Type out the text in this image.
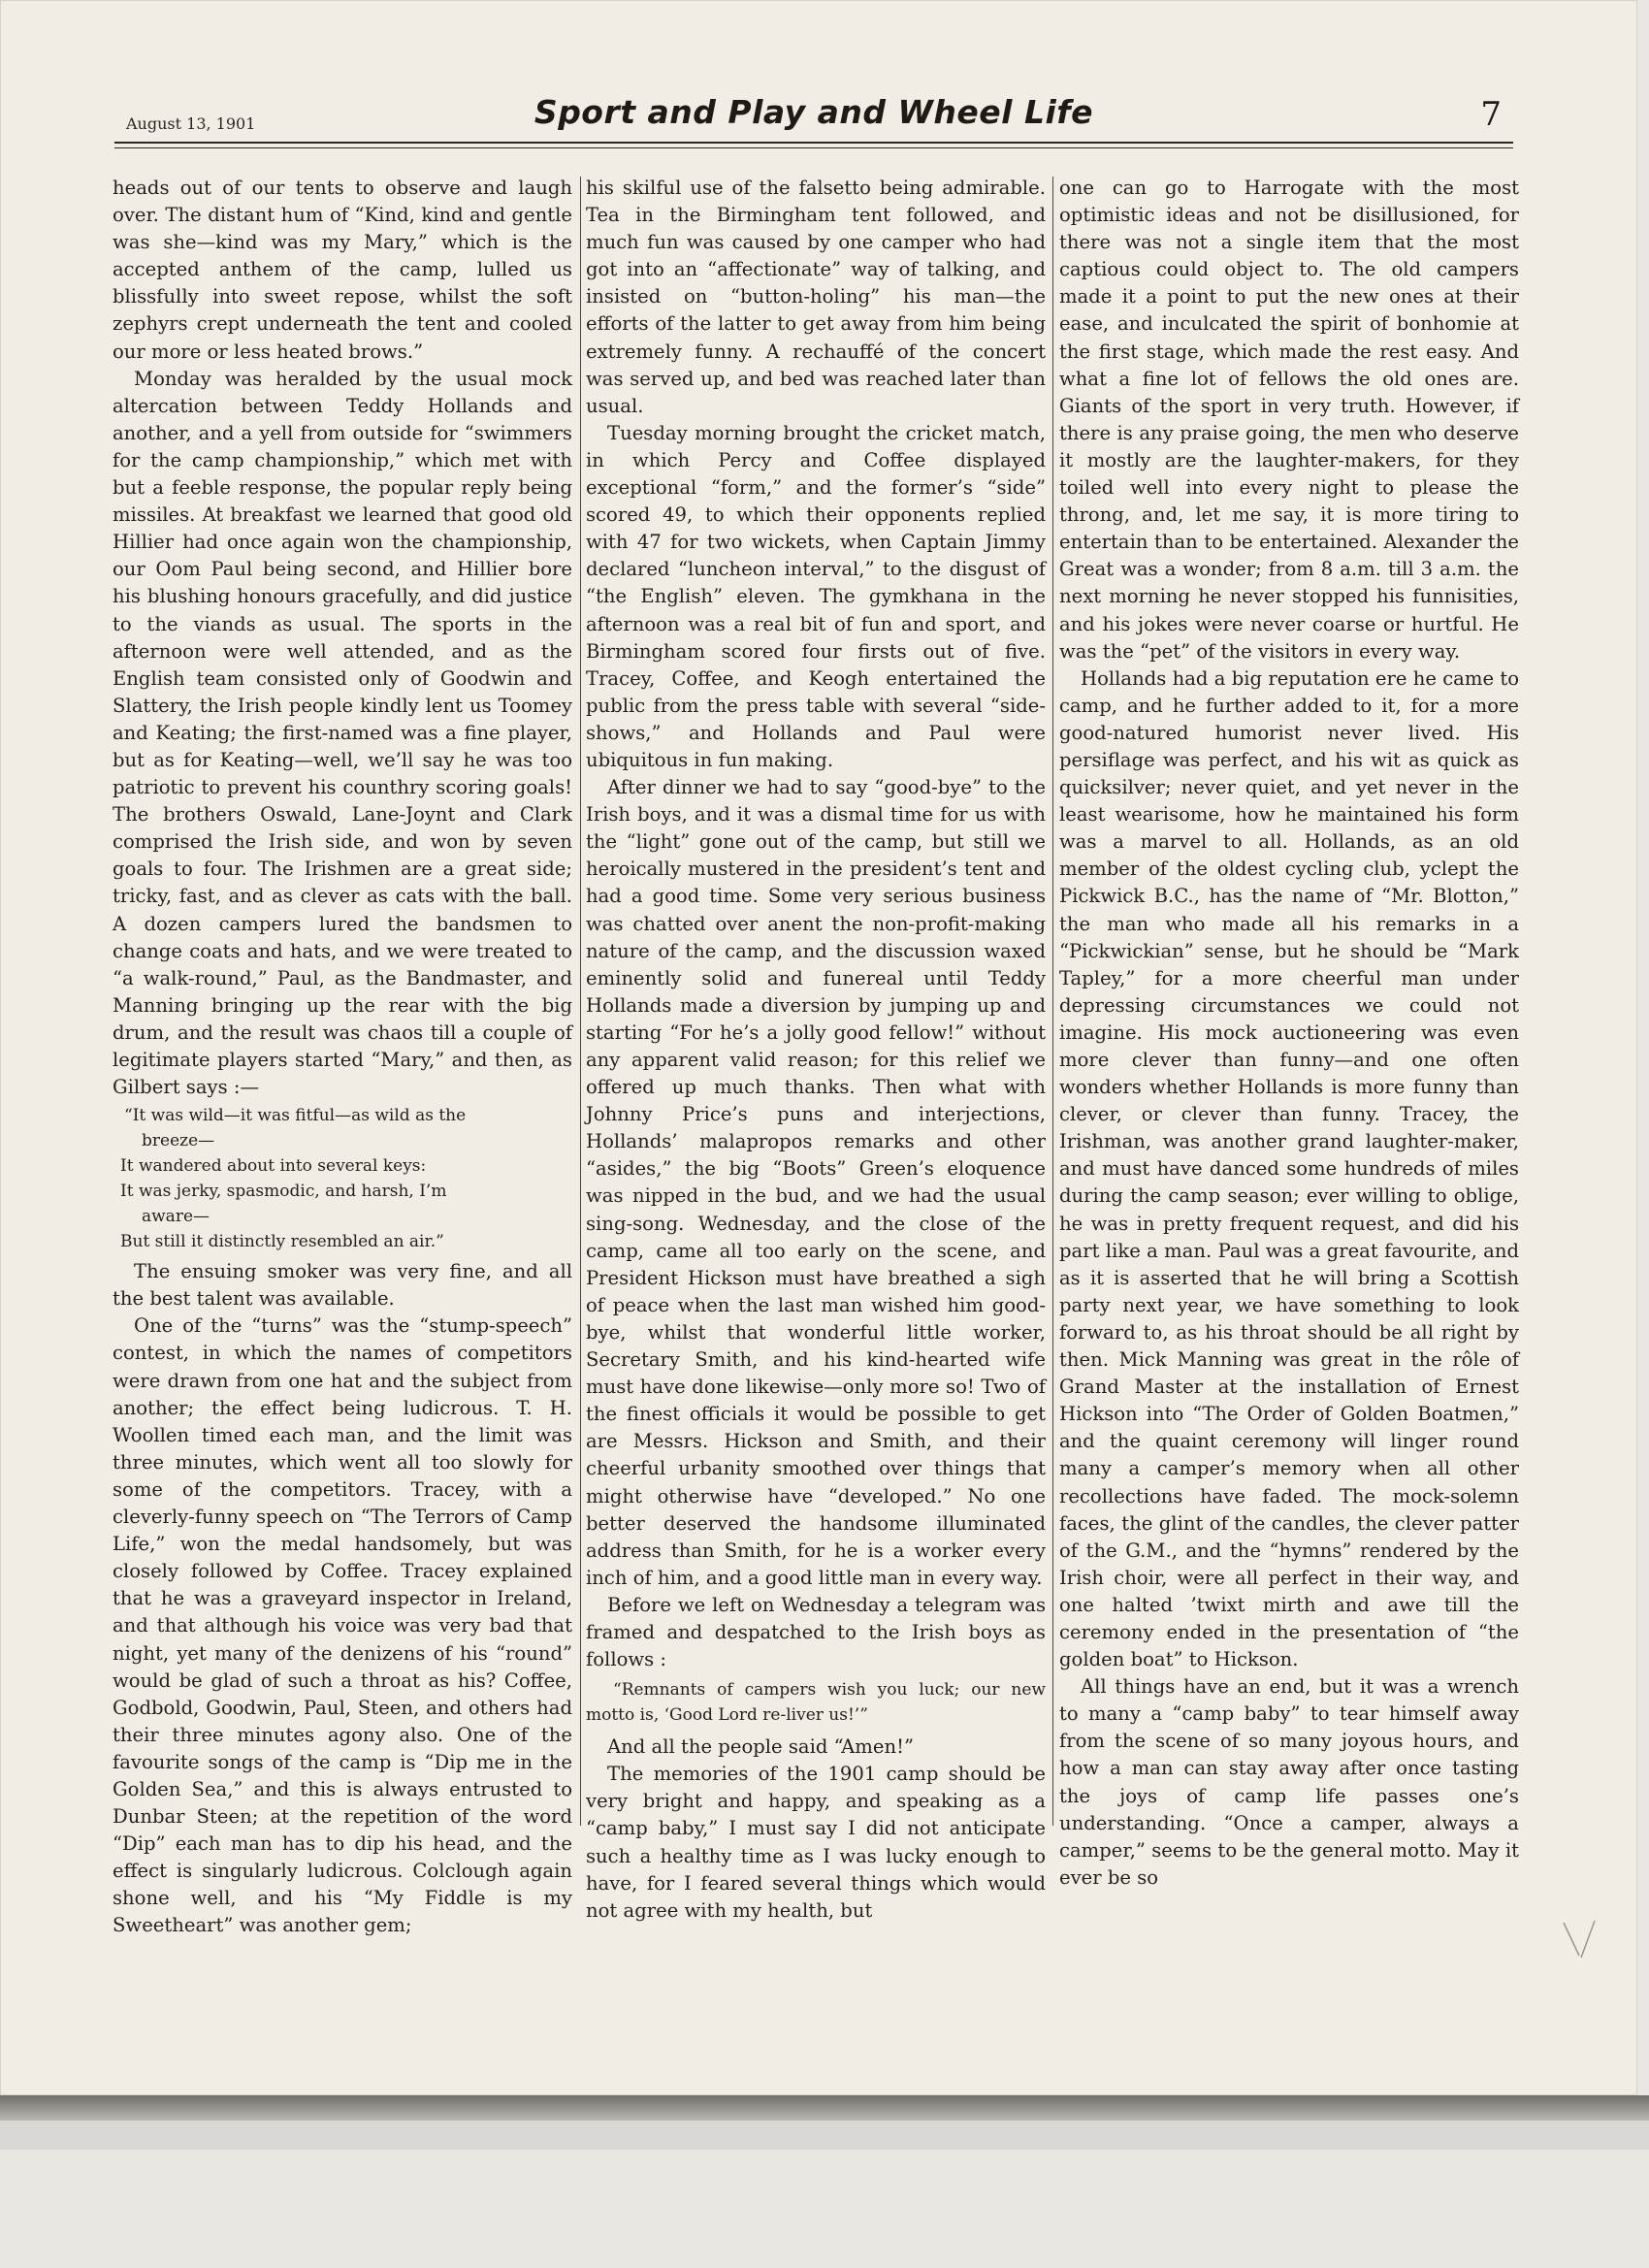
August 13, 1901	Sport and Play and Wheel Life	7

heads out of our tents to observe and laugh over. The distant hum of “Kind, kind and gentle was she—kind was my Mary,” which is the accepted anthem of the camp, lulled us blissfully into sweet repose, whilst the soft zephyrs crept underneath the tent and cooled our more or less heated brows.”

Monday was heralded by the usual mock altercation between Teddy Hollands and another, and a yell from outside for “swimmers for the camp championship,” which met with but a feeble response, the popular reply being missiles. At breakfast we learned that good old Hillier had once again won the championship, our Oom Paul being second, and Hillier bore his blushing honours gracefully, and did justice to the viands as usual. The sports in the afternoon were well attended, and as the English team consisted only of Goodwin and Slattery, the Irish people kindly lent us Toomey and Keating; the first-named was a fine player, but as for Keating—well, we’ll say he was too patriotic to prevent his counthry scoring goals! The brothers Oswald, Lane-Joynt and Clark comprised the Irish side, and won by seven goals to four. The Irishmen are a great side; tricky, fast, and as clever as cats with the ball. A dozen campers lured the bandsmen to change coats and hats, and we were treated to “a walk-round,” Paul, as the Bandmaster, and Manning bringing up the rear with the big drum, and the result was chaos till a couple of legitimate players started “Mary,” and then, as Gilbert says :—

“It was wild—it was fitful—as wild as the
breeze—
It wandered about into several keys:
It was jerky, spasmodic, and harsh, I’m
aware—
But still it distinctly resembled an air.”

The ensuing smoker was very fine, and all the best talent was available.

One of the “turns” was the “stump-speech” contest, in which the names of competitors were drawn from one hat and the subject from another; the effect being ludicrous. T. H. Woollen timed each man, and the limit was three minutes, which went all too slowly for some of the competitors. Tracey, with a cleverly-funny speech on “The Terrors of Camp Life,” won the medal handsomely, but was closely followed by Coffee. Tracey explained that he was a graveyard inspector in Ireland, and that although his voice was very bad that night, yet many of the denizens of his “round” would be glad of such a throat as his? Coffee, Godbold, Goodwin, Paul, Steen, and others had their three minutes agony also. One of the favourite songs of the camp is “Dip me in the Golden Sea,” and this is always entrusted to Dunbar Steen; at the repetition of the word “Dip” each man has to dip his head, and the effect is singularly ludicrous. Colclough again shone well, and his “My Fiddle is my Sweetheart” was another gem;

his skilful use of the falsetto being admirable. Tea in the Birmingham tent followed, and much fun was caused by one camper who had got into an “affectionate” way of talking, and insisted on “button-holing” his man—the efforts of the latter to get away from him being extremely funny. A rechauffé of the concert was served up, and bed was reached later than usual.

Tuesday morning brought the cricket match, in which Percy and Coffee displayed exceptional “form,” and the former’s “side” scored 49, to which their opponents replied with 47 for two wickets, when Captain Jimmy declared “luncheon interval,” to the disgust of “the English” eleven. The gymkhana in the afternoon was a real bit of fun and sport, and Birmingham scored four firsts out of five. Tracey, Coffee, and Keogh entertained the public from the press table with several “side-shows,” and Hollands and Paul were ubiquitous in fun making.

After dinner we had to say “good-bye” to the Irish boys, and it was a dismal time for us with the “light” gone out of the camp, but still we heroically mustered in the president’s tent and had a good time. Some very serious business was chatted over anent the non-profit-making nature of the camp, and the discussion waxed eminently solid and funereal until Teddy Hollands made a diversion by jumping up and starting “For he’s a jolly good fellow!” without any apparent valid reason; for this relief we offered up much thanks. Then what with Johnny Price’s puns and interjections, Hollands’ malapropos remarks and other “asides,” the big “Boots” Green’s eloquence was nipped in the bud, and we had the usual sing-song. Wednesday, and the close of the camp, came all too early on the scene, and President Hickson must have breathed a sigh of peace when the last man wished him good-bye, whilst that wonderful little worker, Secretary Smith, and his kind-hearted wife must have done likewise—only more so! Two of the finest officials it would be possible to get are Messrs. Hickson and Smith, and their cheerful urbanity smoothed over things that might otherwise have “developed.” No one better deserved the handsome illuminated address than Smith, for he is a worker every inch of him, and a good little man in every way.

Before we left on Wednesday a telegram was framed and despatched to the Irish boys as follows :

“Remnants of campers wish you luck; our new motto is, ‘Good Lord re-liver us!’”

And all the people said “Amen!”

The memories of the 1901 camp should be very bright and happy, and speaking as a “camp baby,” I must say I did not anticipate such a healthy time as I was lucky enough to have, for I feared several things which would not agree with my health, but

one can go to Harrogate with the most optimistic ideas and not be disillusioned, for there was not a single item that the most captious could object to. The old campers made it a point to put the new ones at their ease, and inculcated the spirit of bonhomie at the first stage, which made the rest easy. And what a fine lot of fellows the old ones are. Giants of the sport in very truth. However, if there is any praise going, the men who deserve it mostly are the laughter-makers, for they toiled well into every night to please the throng, and, let me say, it is more tiring to entertain than to be entertained. Alexander the Great was a wonder; from 8 a.m. till 3 a.m. the next morning he never stopped his funnisities, and his jokes were never coarse or hurtful. He was the “pet” of the visitors in every way.

Hollands had a big reputation ere he came to camp, and he further added to it, for a more good-natured humorist never lived. His persiflage was perfect, and his wit as quick as quicksilver; never quiet, and yet never in the least wearisome, how he maintained his form was a marvel to all. Hollands, as an old member of the oldest cycling club, yclept the Pickwick B.C., has the name of “Mr. Blotton,” the man who made all his remarks in a “Pickwickian” sense, but he should be “Mark Tapley,” for a more cheerful man under depressing circumstances we could not imagine. His mock auctioneering was even more clever than funny—and one often wonders whether Hollands is more funny than clever, or clever than funny. Tracey, the Irishman, was another grand laughter-maker, and must have danced some hundreds of miles during the camp season; ever willing to oblige, he was in pretty frequent request, and did his part like a man. Paul was a great favourite, and as it is asserted that he will bring a Scottish party next year, we have something to look forward to, as his throat should be all right by then. Mick Manning was great in the rôle of Grand Master at the installation of Ernest Hickson into “The Order of Golden Boatmen,” and the quaint ceremony will linger round many a camper’s memory when all other recollections have faded. The mock-solemn faces, the glint of the candles, the clever patter of the G.M., and the “hymns” rendered by the Irish choir, were all perfect in their way, and one halted ’twixt mirth and awe till the ceremony ended in the presentation of “the golden boat” to Hickson.

All things have an end, but it was a wrench to many a “camp baby” to tear himself away from the scene of so many joyous hours, and how a man can stay away after once tasting the joys of camp life passes one’s understanding. “Once a camper, always a camper,” seems to be the general motto. May it ever be so
